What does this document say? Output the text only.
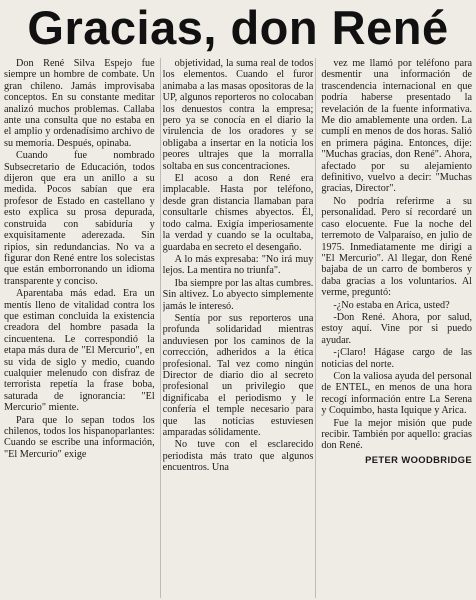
Gracias, don René

Don René Silva Espejo fue siempre un hombre de combate. Un gran chileno. Jamás improvisaba conceptos. En su constante meditar analizó muchos problemas. Callaba ante una consulta que no estaba en el amplio y ordenadísimo archivo de su memoria. Después, opinaba.

Cuando fue nombrado Subsecretario de Educación, todos dijeron que era un anillo a su medida. Pocos sabían que era profesor de Estado en castellano y esto explica su prosa depurada, construida con sabiduría y exquisitamente aderezada. Sin ripios, sin redundancias. No va a figurar don René entre los solecistas que están emborronando un idioma transparente y conciso.

Aparentaba más edad. Era un mentís lleno de vitalidad contra los que estiman concluida la existencia creadora del hombre pasada la cincuentena. Le correspondió la etapa más dura de "El Mercurio", en su vida de siglo y medio, cuando cualquier melenudo con disfraz de terrorista repetía la frase boba, saturada de ignorancia: "El Mercurio" miente.

Para que lo sepan todos los chilenos, todos los hispanoparlantes: Cuando se escribe una información, "El Mercurio" exige

objetividad, la suma real de todos los elementos. Cuando el furor animaba a las masas opositoras de la UP, algunos reporteros no colocaban los denuestos contra la empresa; pero ya se conocía en el diario la virulencia de los oradores y se obligaba a insertar en la noticia los peores ultrajes que la morralla soltaba en sus concentraciones.

El acoso a don René era implacable. Hasta por teléfono, desde gran distancia llamaban para consultarle chismes abyectos. Él, todo calma. Exigía imperiosamente la verdad y cuando se la ocultaba, guardaba en secreto el desengaño.

A lo más expresaba: "No irá muy lejos. La mentira no triunfa".

Iba siempre por las altas cumbres. Sin altivez. Lo abyecto simplemente jamás le interesó.

Sentía por sus reporteros una profunda solidaridad mientras anduviesen por los caminos de la corrección, adheridos a la ética profesional. Tal vez como ningún Director de diario dio al secreto profesional un privilegio que dignificaba el periodismo y le confería el temple necesario para que las noticias estuviesen amparadas sólidamente.

No tuve con el esclarecido periodista más trato que algunos encuentros. Una

vez me llamó por teléfono para desmentir una información de trascendencia internacional en que podría haberse presentado la revelación de la fuente informativa. Me dio amablemente una orden. La cumplí en menos de dos horas. Salió en primera página. Entonces, dije: "Muchas gracias, don René". Ahora, afectado por su alejamiento definitivo, vuelvo a decir: "Muchas gracias, Director".

No podría referirme a su personalidad. Pero sí recordaré un caso elocuente. Fue la noche del terremoto de Valparaíso, en julio de 1975. Inmediatamente me dirigí a "El Mercurio". Al llegar, don René bajaba de un carro de bomberos y daba gracias a los voluntarios. Al verme, preguntó:

-¿No estaba en Arica, usted?

-Don René. Ahora, por salud, estoy aquí. Vine por si puedo ayudar.

-¡Claro! Hágase cargo de las noticias del norte.

Con la valiosa ayuda del personal de ENTEL, en menos de una hora recogí información entre La Serena y Coquimbo, hasta Iquique y Arica.

Fue la mejor misión que pude recibir. También por aquello: gracias don René.

PETER WOODBRIDGE
